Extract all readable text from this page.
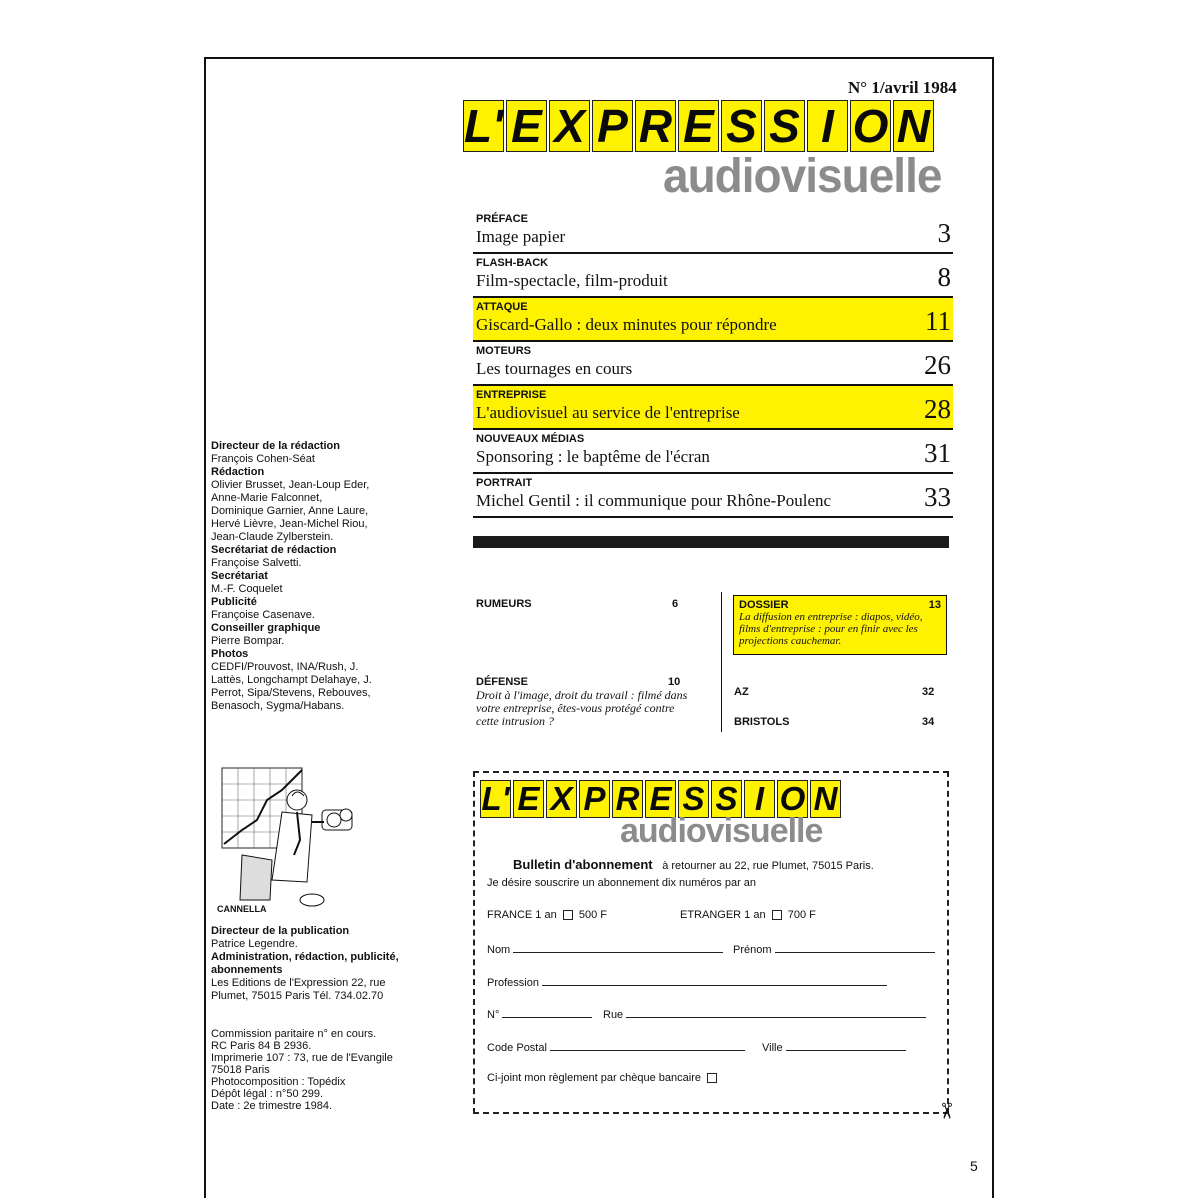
N° 1/avril 1984
L' E X P R E S S I O N
audiovisuelle
PRÉFACE
Image papier	3
FLASH-BACK
Film-spectacle, film-produit	8
ATTAQUE
Giscard-Gallo : deux minutes pour répondre	11
MOTEURS
Les tournages en cours	26
ENTREPRISE
L'audiovisuel au service de l'entreprise	28
NOUVEAUX MÉDIAS
Sponsoring : le baptême de l'écran	31
PORTRAIT
Michel Gentil : il communique pour Rhône-Poulenc	33
RUMEURS	6
DÉFENSE	10
Droit à l'image, droit du travail : filmé dans votre entreprise, êtes-vous protégé contre cette intrusion ?
DOSSIER	13
La diffusion en entreprise : diapos, vidéo, films d'entreprise : pour en finir avec les projections cauchemar.
AZ	32
BRISTOLS	34
Directeur de la rédaction
François Cohen-Séat
Rédaction
Olivier Brusset, Jean-Loup Eder, Anne-Marie Falconnet, Dominique Garnier, Anne Laure, Hervé Lièvre, Jean-Michel Riou, Jean-Claude Zylberstein.
Secrétariat de rédaction
Françoise Salvetti.
Secrétariat
M.-F. Coquelet
Publicité
Françoise Casenave.
Conseiller graphique
Pierre Bompar.
Photos
CEDFI/Prouvost, INA/Rush, J. Lattès, Longchampt Delahaye, J. Perrot, Sipa/Stevens, Rebouves, Benasoch, Sygma/Habans.
CANNELLA
Directeur de la publication
Patrice Legendre.
Administration, rédaction, publicité, abonnements
Les Editions de l'Expression 22, rue Plumet, 75015 Paris Tél. 734.02.70
Commission paritaire n° en cours.
RC Paris 84 B 2936.
Imprimerie 107 : 73, rue de l'Evangile
75018 Paris
Photocomposition : Topédix
Dépôt légal : n°50 299.
Date : 2e trimestre 1984.
L' E X P R E S S I O N
audiovisuelle
Bulletin d'abonnement à retourner au 22, rue Plumet, 75015 Paris.
Je désire souscrire un abonnement dix numéros par an
FRANCE 1 an 500 F	ETRANGER 1 an 700 F
Nom	Prénom
Profession
N°	Rue
Code Postal	Ville
Ci-joint mon règlement par chèque bancaire
✂
5
